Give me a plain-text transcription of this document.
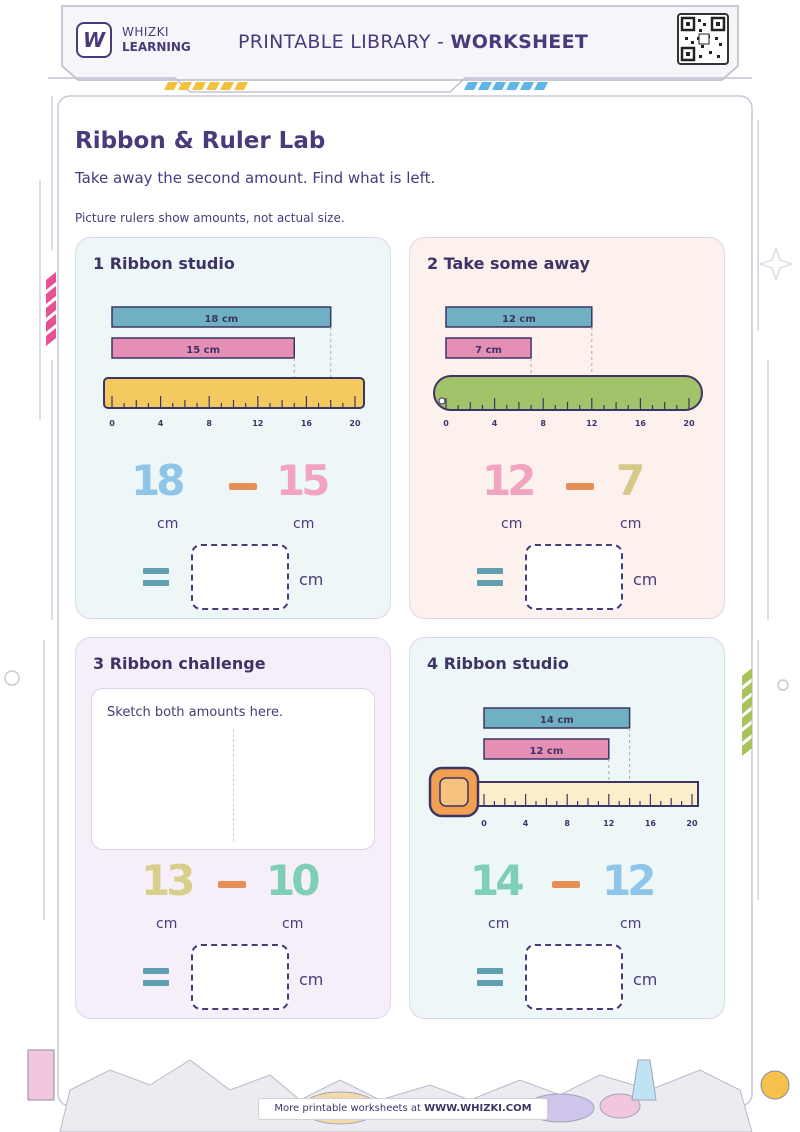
W WHIZKI
LEARNING PRINTABLE LIBRARY - WORKSHEET
Ribbon & Ruler Lab
Take away the second amount. Find what is left.
Picture rulers show amounts, not actual size.
1 Ribbon studio
18 cm
15 cm
0	4	8	12	16	20
18 15
cm	cm
cm
2 Take some away
12 cm
7 cm
0	4	8	12	16	20
12 7
cm	cm
cm
3 Ribbon challenge
Sketch both amounts here.
13 10
cm	cm
cm
4 Ribbon studio
14 cm
12 cm
0	4	8	12	16	20
14 12
cm	cm
cm
More printable worksheets at WWW.WHIZKI.COM
